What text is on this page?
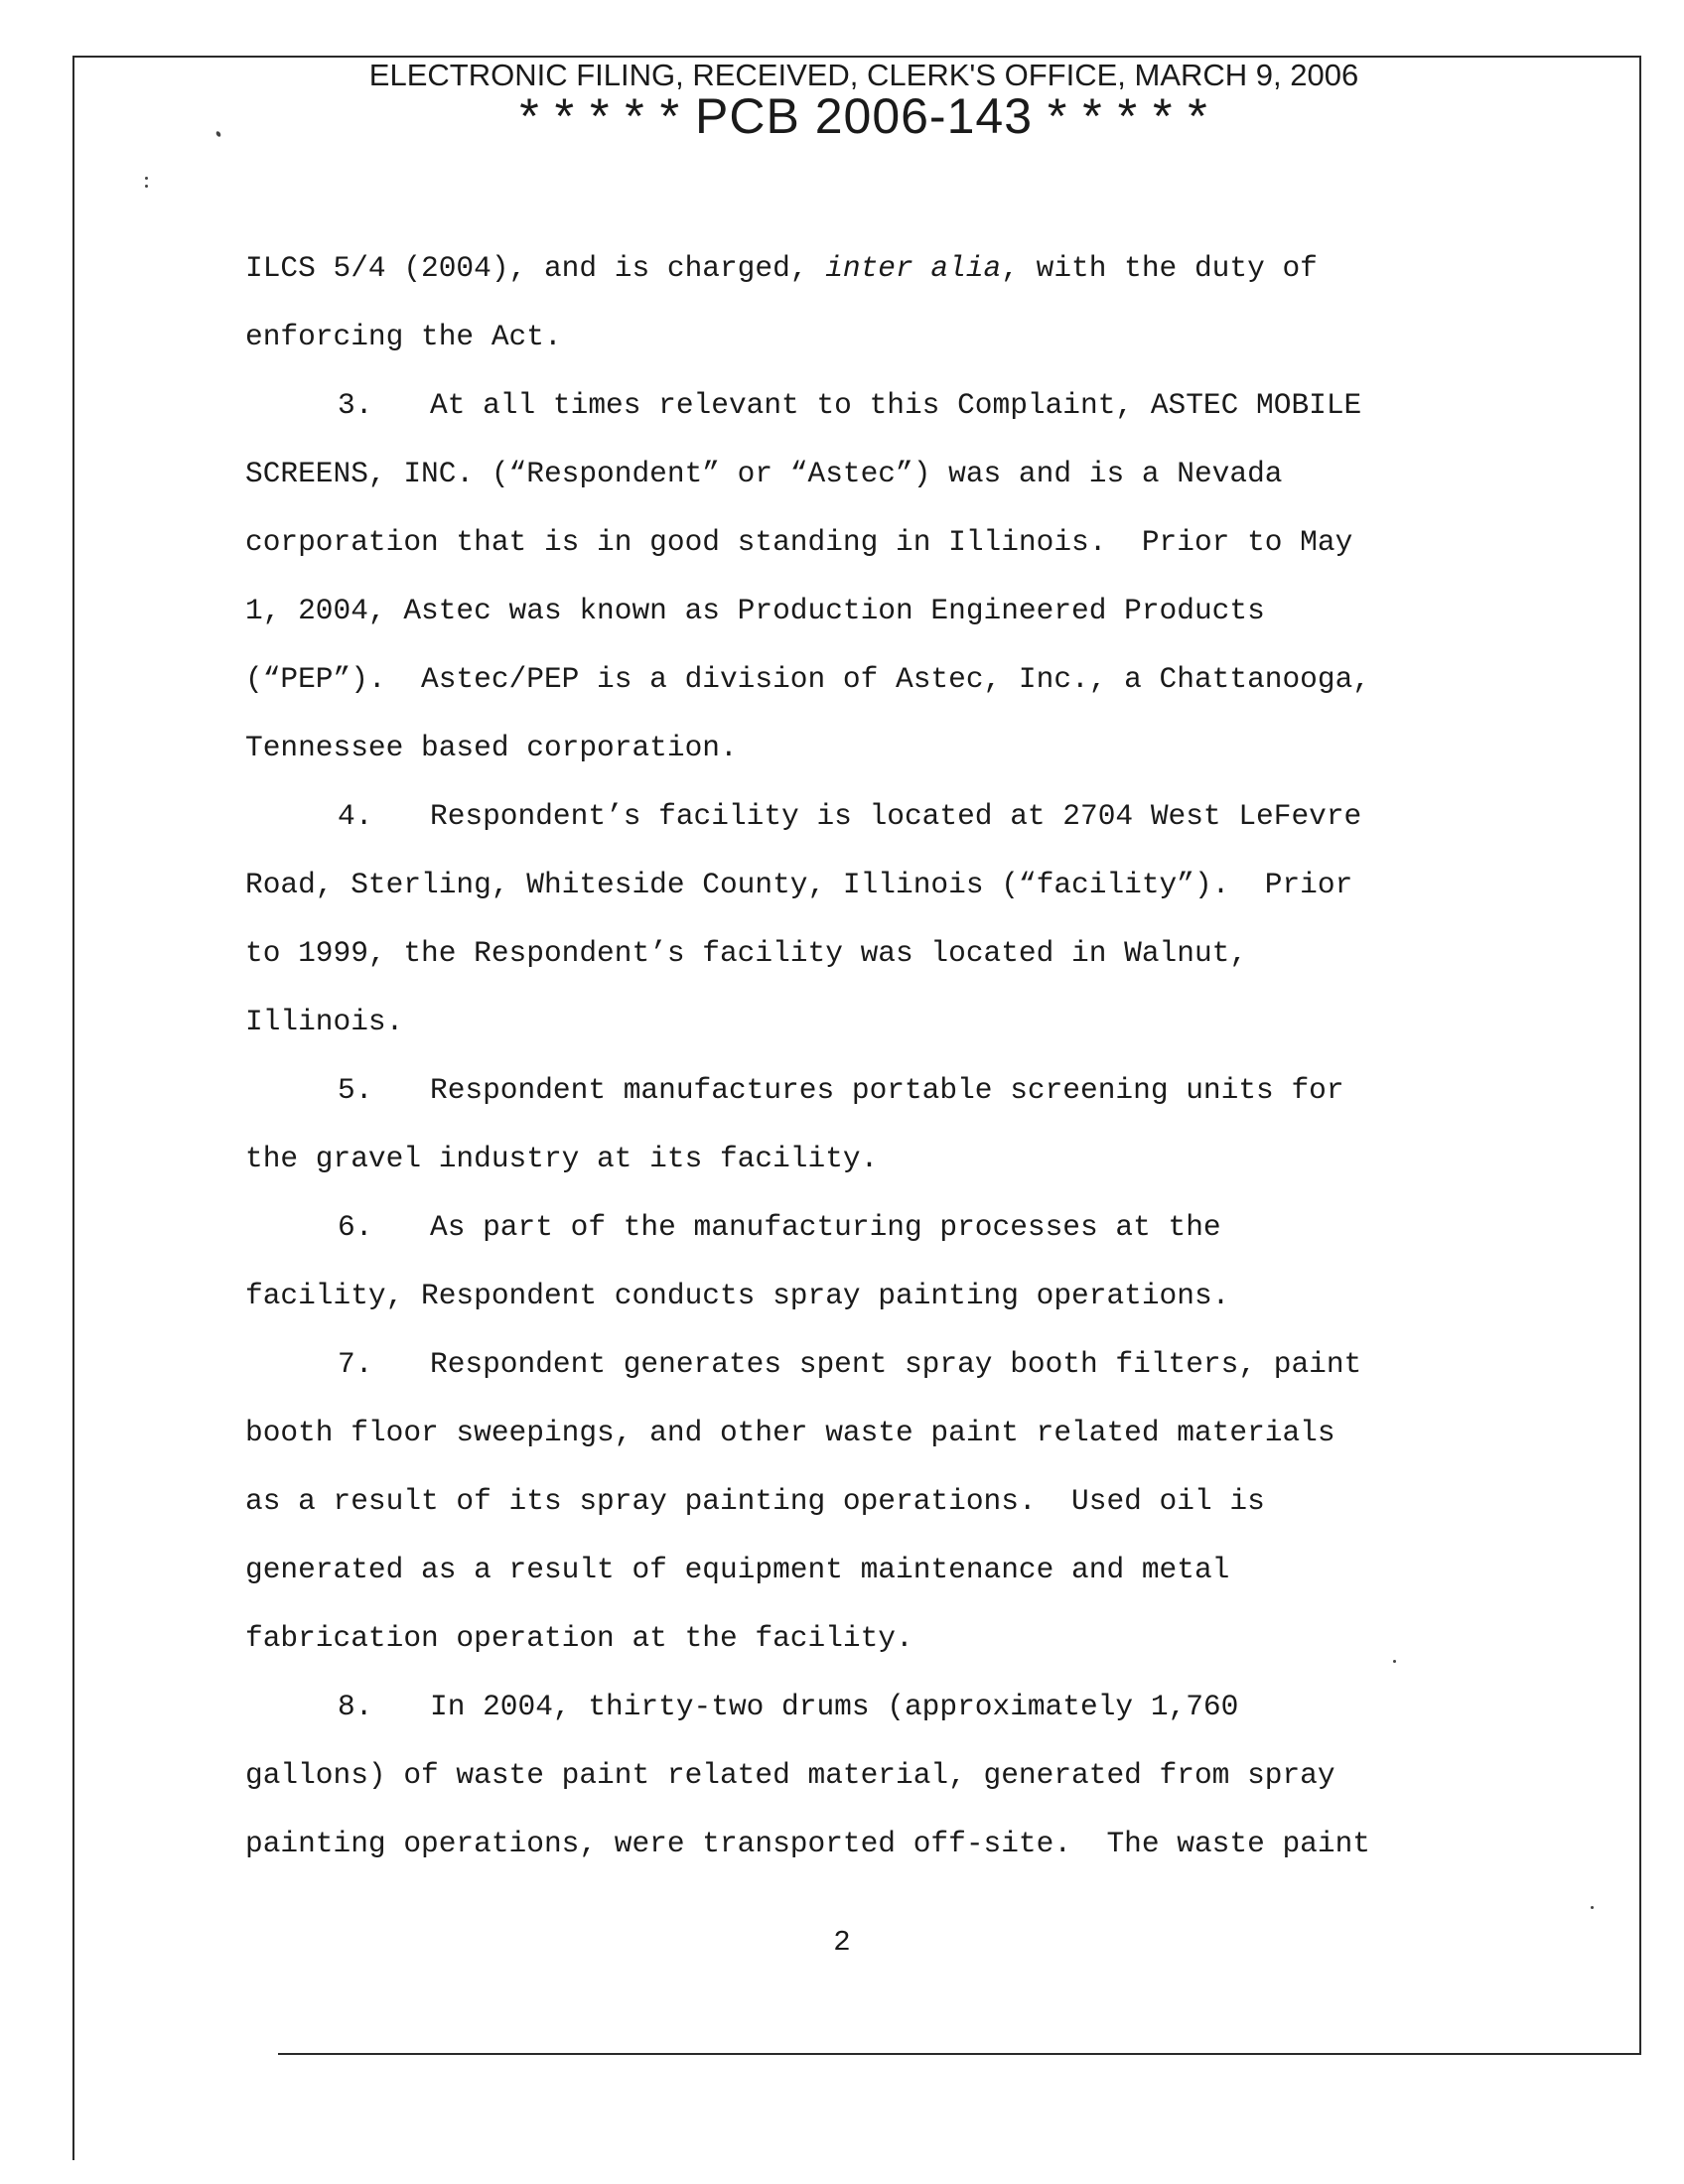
ELECTRONIC FILING, RECEIVED, CLERK'S OFFICE, MARCH 9, 2006
* * * * * PCB 2006-143 * * * * *

ILCS 5/4 (2004), and is charged, inter alia, with the duty of

enforcing the Act.

3. At all times relevant to this Complaint, ASTEC MOBILE

SCREENS, INC. (“Respondent” or “Astec”) was and is a Nevada

corporation that is in good standing in Illinois.  Prior to May

1, 2004, Astec was known as Production Engineered Products

(“PEP”).  Astec/PEP is a division of Astec, Inc., a Chattanooga,

Tennessee based corporation.

4. Respondent’s facility is located at 2704 West LeFevre

Road, Sterling, Whiteside County, Illinois (“facility”).  Prior

to 1999, the Respondent’s facility was located in Walnut,

Illinois.

5. Respondent manufactures portable screening units for

the gravel industry at its facility.

6. As part of the manufacturing processes at the

facility, Respondent conducts spray painting operations.

7. Respondent generates spent spray booth filters, paint

booth floor sweepings, and other waste paint related materials

as a result of its spray painting operations.  Used oil is

generated as a result of equipment maintenance and metal

fabrication operation at the facility.

8. In 2004, thirty-two drums (approximately 1,760

gallons) of waste paint related material, generated from spray

painting operations, were transported off-site.  The waste paint

2
